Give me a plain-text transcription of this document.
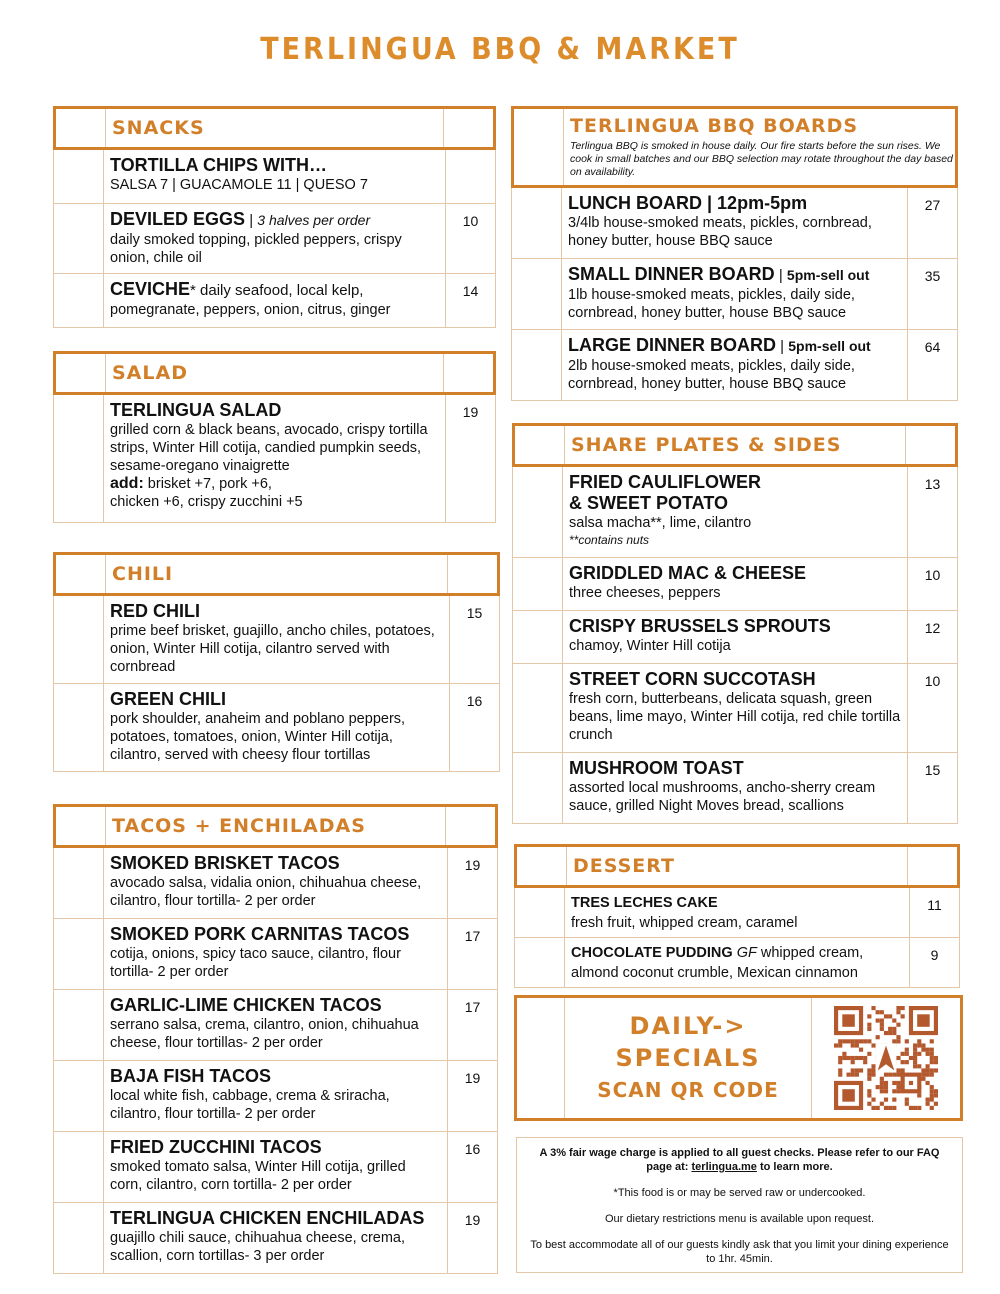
TERLINGUA BBQ & MARKET
SNACKS
TORTILLA CHIPS WITH…
SALSA 7 | GUACAMOLE 11 | QUESO 7
DEVILED EGGS | 3 halves per order
daily smoked topping, pickled peppers, crispy onion, chile oil
10
CEVICHE* daily seafood, local kelp,
pomegranate, peppers, onion, citrus, ginger
14
SALAD
TERLINGUA SALAD
grilled corn & black beans, avocado, crispy tortilla strips, Winter Hill cotija, candied pumpkin seeds, sesame-oregano vinaigrette
add: brisket +7, pork +6,
chicken +6, crispy zucchini +5
19
CHILI
RED CHILI
prime beef brisket, guajillo, ancho chiles, potatoes, onion, Winter Hill cotija, cilantro served with cornbread
15
GREEN CHILI
pork shoulder, anaheim and poblano peppers, potatoes, tomatoes, onion, Winter Hill cotija, cilantro, served with cheesy flour tortillas
16
TACOS + ENCHILADAS
SMOKED BRISKET TACOS
avocado salsa, vidalia onion, chihuahua cheese, cilantro, flour tortilla- 2 per order
19
SMOKED PORK CARNITAS TACOS
cotija, onions, spicy taco sauce, cilantro, flour tortilla- 2 per order
17
GARLIC-LIME CHICKEN TACOS
serrano salsa, crema, cilantro, onion, chihuahua cheese, flour tortillas- 2 per order
17
BAJA FISH TACOS
local white fish, cabbage, crema & sriracha, cilantro, flour tortilla- 2 per order
19
FRIED ZUCCHINI TACOS
smoked tomato salsa, Winter Hill cotija, grilled corn, cilantro, corn tortilla- 2 per order
16
TERLINGUA CHICKEN ENCHILADAS
guajillo chili sauce, chihuahua cheese, crema, scallion, corn tortillas- 3 per order
19
TERLINGUA BBQ BOARDS
Terlingua BBQ is smoked in house daily. Our fire starts before the sun rises. We cook in small batches and our BBQ selection may rotate throughout the day based on availability.
LUNCH BOARD | 12pm-5pm
3/4lb house-smoked meats, pickles, cornbread, honey butter, house BBQ sauce
27
SMALL DINNER BOARD | 5pm-sell out
1lb house-smoked meats, pickles, daily side, cornbread, honey butter, house BBQ sauce
35
LARGE DINNER BOARD | 5pm-sell out
2lb house-smoked meats, pickles, daily side, cornbread, honey butter, house BBQ sauce
64
SHARE PLATES & SIDES
FRIED CAULIFLOWER
& SWEET POTATO
salsa macha**, lime, cilantro
**contains nuts
13
GRIDDLED MAC & CHEESE
three cheeses, peppers
10
CRISPY BRUSSELS SPROUTS
chamoy, Winter Hill cotija
12
STREET CORN SUCCOTASH
fresh corn, butterbeans, delicata squash, green beans, lime mayo, Winter Hill cotija, red chile tortilla crunch
10
MUSHROOM TOAST
assorted local mushrooms, ancho-sherry cream sauce, grilled Night Moves bread, scallions
15
DESSERT
TRES LECHES CAKE
fresh fruit, whipped cream, caramel
11
CHOCOLATE PUDDING GF whipped cream,
almond coconut crumble, Mexican cinnamon
9
DAILY->
SPECIALS
SCAN QR CODE

A 3% fair wage charge is applied to all guest checks. Please refer to our FAQ page at: terlingua.me to learn more.

*This food is or may be served raw or undercooked.

Our dietary restrictions menu is available upon request.

To best accommodate all of our guests kindly ask that you limit your dining experience to 1hr. 45min.
